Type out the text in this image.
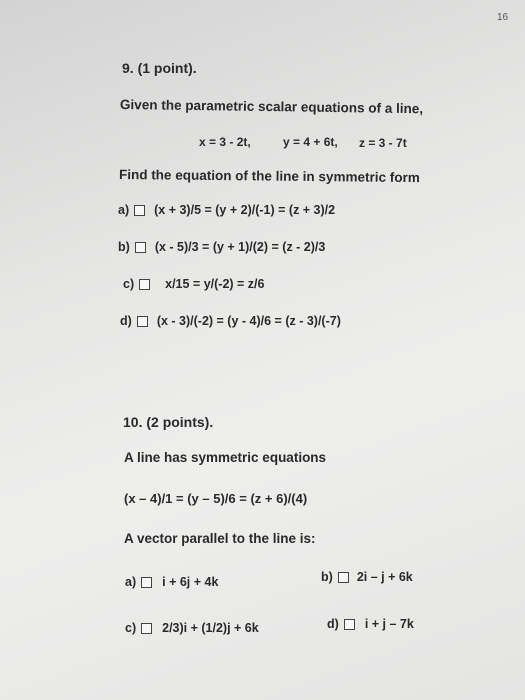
16
9. (1 point).
Given the parametric scalar equations of a line,
x = 3 - 2t,	y = 4 + 6t, z = 3 - 7t
Find the equation of the line in symmetric form
a) (x + 3)/5 = (y + 2)/(-1) = (z + 3)/2
b) (x - 5)/3 = (y + 1)/(2) = (z - 2)/3
c) x/15 = y/(-2) = z/6
d) (x - 3)/(-2) = (y - 4)/6 = (z - 3)/(-7)
10. (2 points).
A line has symmetric equations
(x – 4)/1 = (y – 5)/6 = (z + 6)/(4)
A vector parallel to the line is:
a) i + 6j + 4k	b) 2i – j + 6k
c) 2/3)i + (1/2)j + 6k	d) i + j – 7k
